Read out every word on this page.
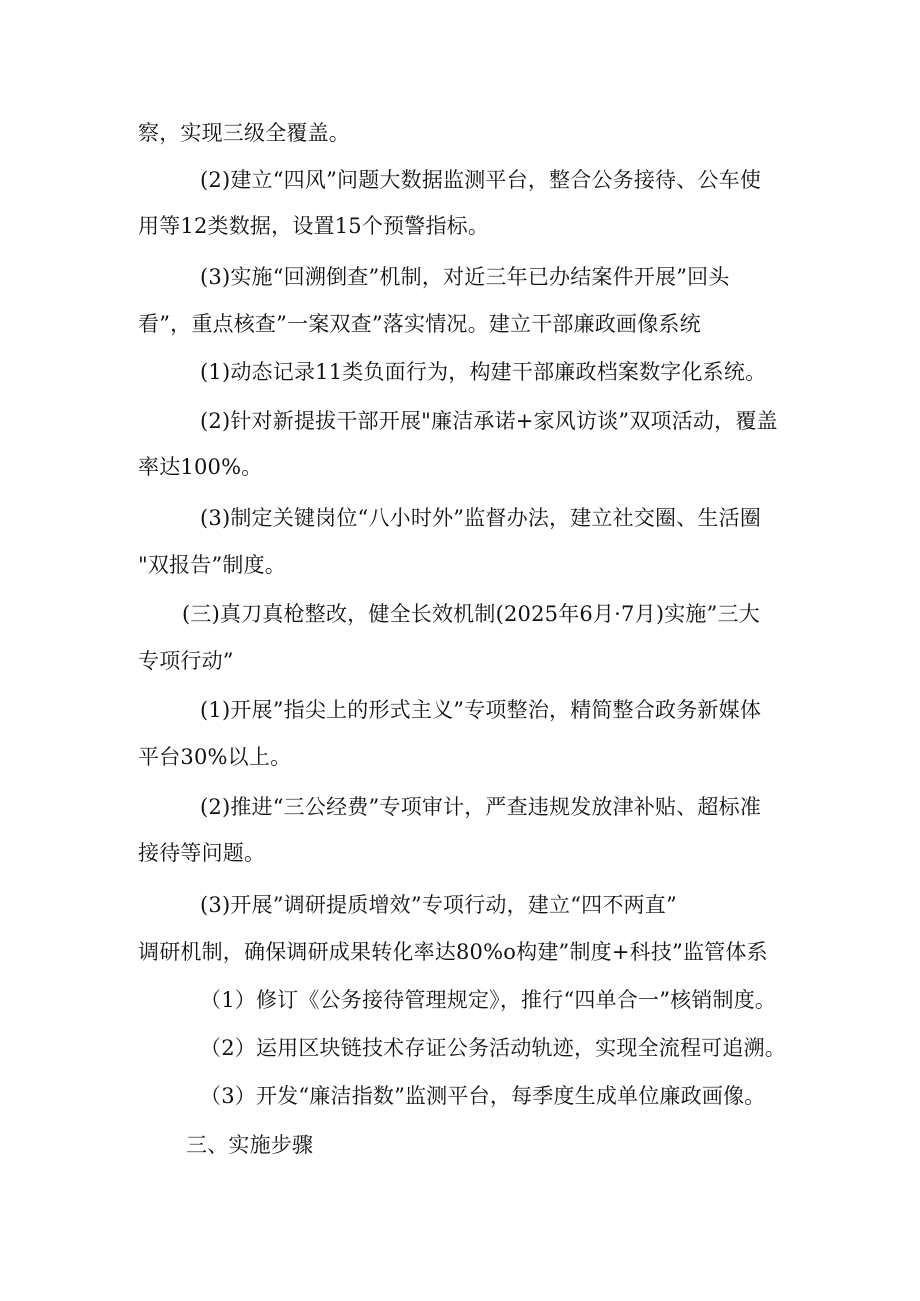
察，实现三级全覆盖。
(2)建立“四风”问题大数据监测平台，整合公务接待、公车使
用等12类数据，设置15个预警指标。
(3)实施“回溯倒查”机制，对近三年已办结案件开展”回头
看”，重点核查”一案双查”落实情况。建立干部廉政画像系统
(1)动态记录11类负面行为，构建干部廉政档案数字化系统。
(2)针对新提拔干部开展"廉洁承诺+家风访谈”双项活动，覆盖
率达100%。
(3)制定关键岗位“八小时外”监督办法，建立社交圈、生活圈
"双报告”制度。
(三)真刀真枪整改，健全长效机制(2025年6月·7月)实施”三大
专项行动”
(1)开展”指尖上的形式主义”专项整治，精简整合政务新媒体
平台30%以上。
(2)推进“三公经费”专项审计，严查违规发放津补贴、超标准
接待等问题。
(3)开展”调研提质增效”专项行动，建立“四不两直”
调研机制，确保调研成果转化率达80%o构建”制度+科技”监管体系
（1）修订《公务接待管理规定》，推行“四单合一”核销制度。
（2）运用区块链技术存证公务活动轨迹，实现全流程可追溯。
（3）开发“廉洁指数”监测平台，每季度生成单位廉政画像。
三、实施步骤
